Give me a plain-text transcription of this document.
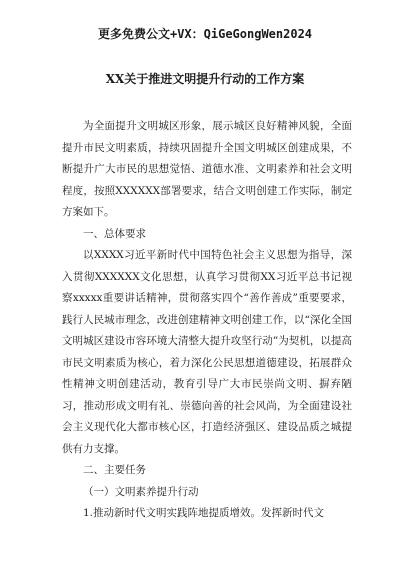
更多免费公文+VX：QiGeGongWen2024
XX关于推进文明提升行动的工作方案

为全面提升文明城区形象，展示城区良好精神风貌，全面提升市民文明素质，持续巩固提升全国文明城区创建成果，不断提升广大市民的思想觉悟、道德水准、文明素养和社会文明程度，按照XXXXXX部署要求，结合文明创建工作实际，制定方案如下。

一、总体要求

以XXXX习近平新时代中国特色社会主义思想为指导，深入贯彻XXXXXX文化思想，认真学习贯彻XX习近平总书记视察xxxxx重要讲话精神，贯彻落实四个“善作善成”重要要求，践行人民城市理念，改进创建精神文明创建工作，以“深化全国文明城区建设市容环境大清整大提升攻坚行动”为契机，以提高市民文明素质为核心，着力深化公民思想道德建设，拓展群众性精神文明创建活动，教育引导广大市民崇尚文明、摒弃陋习，推动形成文明有礼、崇德向善的社会风尚，为全面建设社会主义现代化大都市核心区，打造经济强区、建设品质之城提供有力支撑。

二、主要任务

（一）文明素养提升行动

1.推动新时代文明实践阵地提质增效。发挥新时代文
